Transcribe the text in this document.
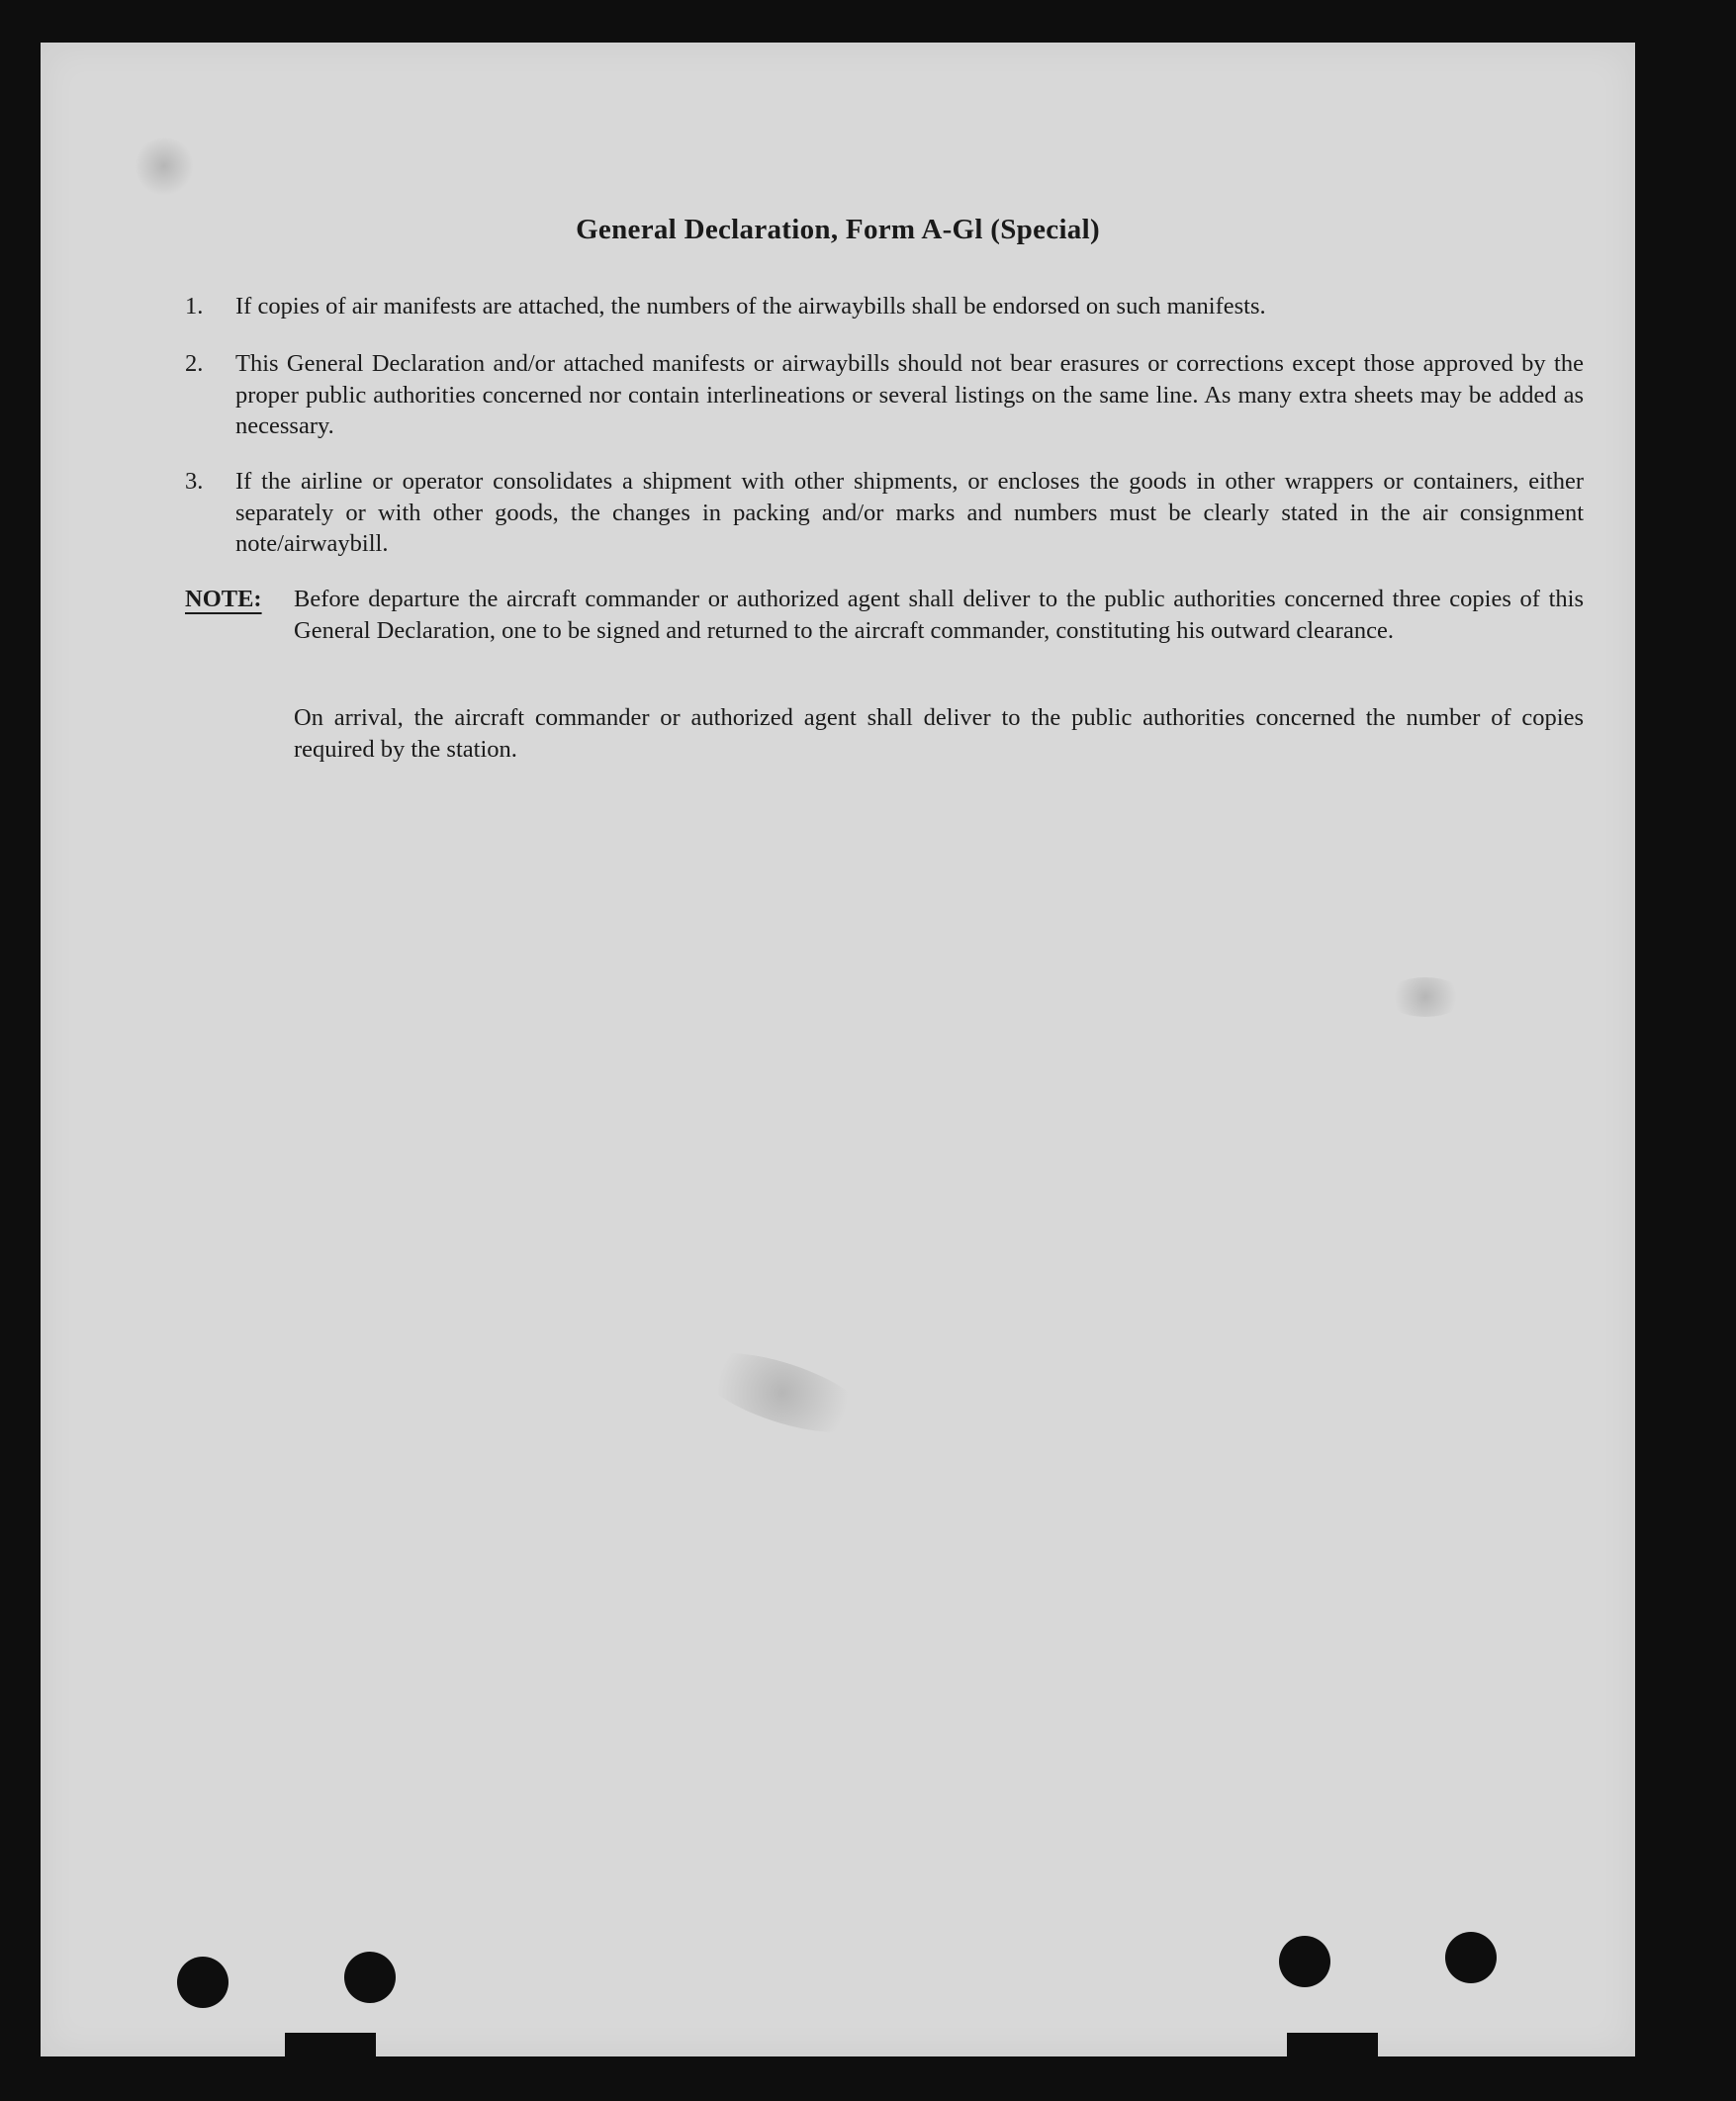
General Declaration, Form A-Gl (Special)
1.	If copies of air manifests are attached, the numbers of the airwaybills shall be endorsed on such manifests.
2.	This General Declaration and/or attached manifests or airwaybills should not bear erasures or corrections except those approved by the proper public authorities concerned nor contain interlineations or several listings on the same line. As many extra sheets may be added as necessary.
3.	If the airline or operator consolidates a shipment with other shipments, or encloses the goods in other wrappers or containers, either separately or with other goods, the changes in packing and/or marks and numbers must be clearly stated in the air consignment note/airwaybill.
NOTE: Before departure the aircraft commander or authorized agent shall deliver to the public authorities concerned three copies of this General Declaration, one to be signed and returned to the aircraft commander, constituting his outward clearance.
On arrival, the aircraft commander or authorized agent shall deliver to the public authorities concerned the number of copies required by the station.
